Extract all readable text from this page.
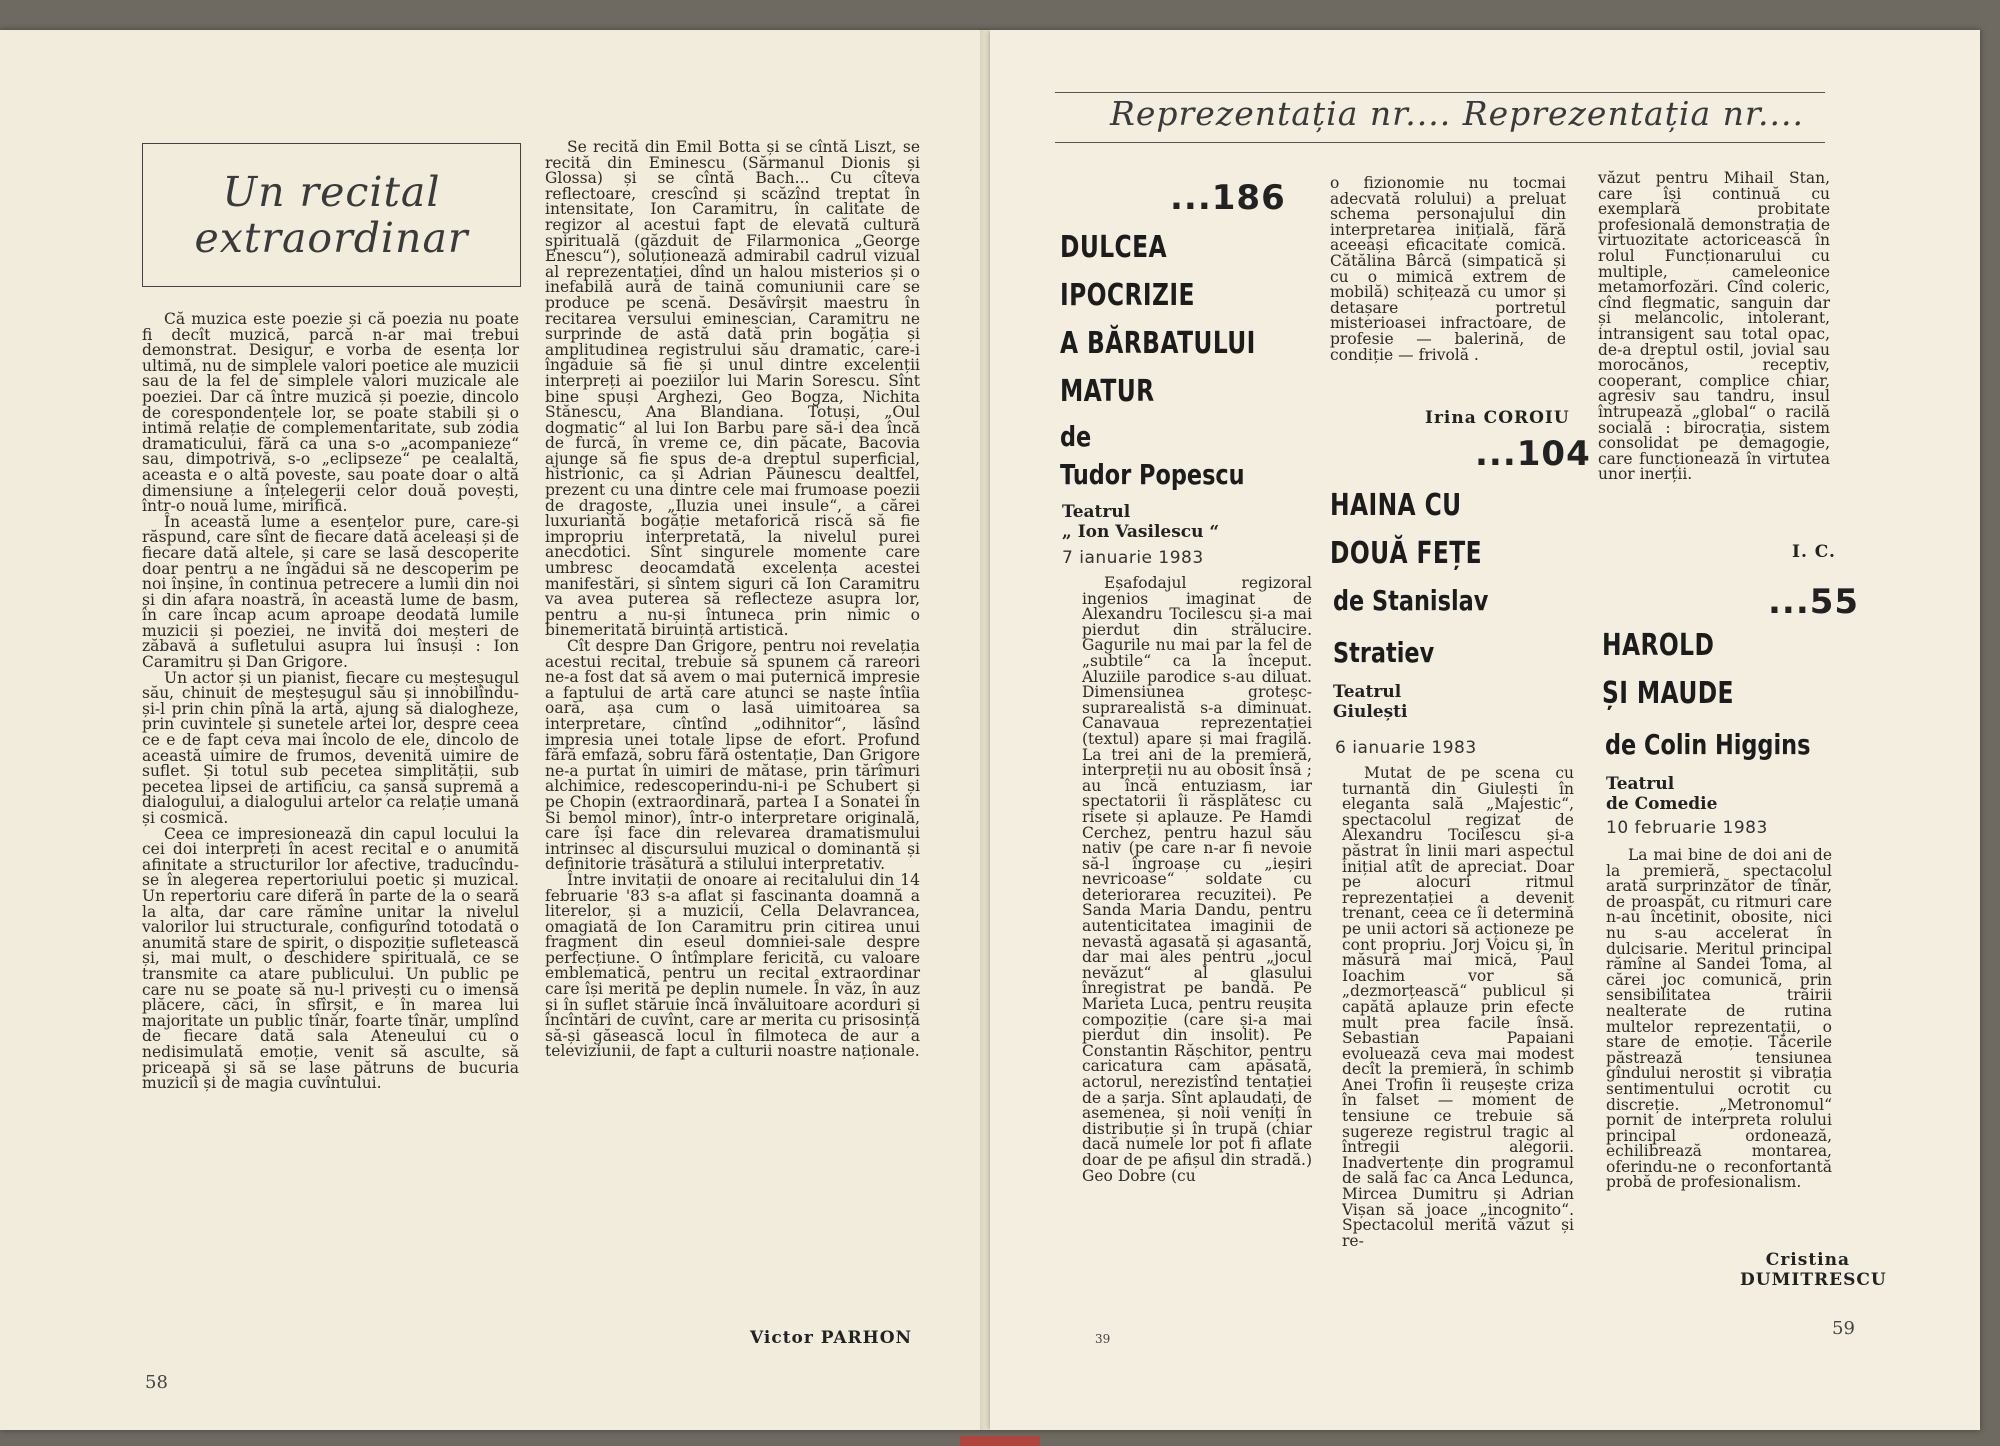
Un recital
extraordinar

Că muzica este poezie și că poezia nu poate fi decît muzică, parcă n-ar mai trebui demonstrat. Desigur, e vorba de esența lor ultimă, nu de simplele valori poetice ale muzicii sau de la fel de simplele valori muzicale ale poeziei. Dar că între muzică și poezie, dincolo de corespondențele lor, se poate stabili și o intimă relație de complementaritate, sub zodia dramaticului, fără ca una s-o „acompanieze“ sau, dimpotrivă, s-o „eclipseze“ pe cealaltă, aceasta e o altă poveste, sau poate doar o altă dimensiune a înțelegerii celor două povești, într-o nouă lume, mirifică.

În această lume a esențelor pure, care-și răspund, care sînt de fiecare dată aceleași și de fiecare dată altele, și care se lasă descoperite doar pentru a ne îngădui să ne descoperim pe noi înșine, în continua petrecere a lumii din noi și din afara noastră, în această lume de basm, în care încap acum aproape deodată lumile muzicii și poeziei, ne invită doi meșteri de zăbavă a sufletului asupra lui însuși : Ion Caramitru și Dan Grigore.

Un actor și un pianist, fiecare cu meșteșugul său, chinuit de meșteșugul său și innobilîndu-și-l prin chin pînă la artă, ajung să dialogheze, prin cuvintele și sunetele artei lor, despre ceea ce e de fapt ceva mai încolo de ele, dincolo de această uimire de frumos, devenită uimire de suflet. Și totul sub pecetea simplității, sub pecetea lipsei de artificiu, ca șansă supremă a dialogului, a dialogului artelor ca relație umană și cosmică.

Ceea ce impresionează din capul locului la cei doi interpreți în acest recital e o anumită afinitate a structurilor lor afective, traducîndu-se în alegerea repertoriului poetic și muzical. Un repertoriu care diferă în parte de la o seară la alta, dar care rămîne unitar la nivelul valorilor lui structurale, configurînd totodată o anumită stare de spirit, o dispoziție sufletească și, mai mult, o deschidere spirituală, ce se transmite ca atare publicului. Un public pe care nu se poate să nu-l privești cu o imensă plăcere, căci, în sfîrșit, e în marea lui majoritate un public tînăr, foarte tînăr, umplînd de fiecare dată sala Ateneului cu o nedisimulată emoție, venit să asculte, să priceapă și să se lase pătruns de bucuria muzicii și de magia cuvîntului.

Se recită din Emil Botta și se cîntă Liszt, se recită din Eminescu (Sărmanul Dionis și Glossa) și se cîntă Bach... Cu cîteva reflectoare, crescînd și scăzînd treptat în intensitate, Ion Caramitru, în calitate de regizor al acestui fapt de elevată cultură spirituală (găzduit de Filarmonica „George Enescu“), soluționează admirabil cadrul vizual al reprezentației, dînd un halou misterios și o inefabilă aură de taină comuniunii care se produce pe scenă. Desăvîrșit maestru în recitarea versului eminescian, Caramitru ne surprinde de astă dată prin bogăția și amplitudinea registrului său dramatic, care-i îngăduie să fie și unul dintre excelenții interpreți ai poeziilor lui Marin Sorescu. Sînt bine spuși Arghezi, Geo Bogza, Nichita Stănescu, Ana Blandiana. Totuși, „Oul dogmatic“ al lui Ion Barbu pare să-i dea încă de furcă, în vreme ce, din păcate, Bacovia ajunge să fie spus de-a dreptul superficial, histrionic, ca și Adrian Păunescu dealtfel, prezent cu una dintre cele mai frumoase poezii de dragoste, „Iluzia unei insule“, a cărei luxuriantă bogăție metaforică riscă să fie impropriu interpretată, la nivelul purei anecdotici. Sînt singurele momente care umbresc deocamdată excelența acestei manifestări, și sîntem siguri că Ion Caramitru va avea puterea să reflecteze asupra lor, pentru a nu-și întuneca prin nimic o binemeritată biruință artistică.

Cît despre Dan Grigore, pentru noi revelația acestui recital, trebuie să spunem că rareori ne-a fost dat să avem o mai puternică impresie a faptului de artă care atunci se naște întîia oară, așa cum o lasă uimitoarea sa interpretare, cîntînd „odihnitor“, lăsînd impresia unei totale lipse de efort. Profund fără emfază, sobru fără ostentație, Dan Grigore ne-a purtat în uimiri de mătase, prin tărîmuri alchimice, redescoperindu-ni-i pe Schubert și pe Chopin (extraordinară, partea I a Sonatei în Si bemol minor), într-o interpretare originală, care își face din relevarea dramatismului intrinsec al discursului muzical o dominantă și definitorie trăsătură a stilului interpretativ.

Între invitații de onoare ai recitalului din 14 februarie '83 s-a aflat și fascinanta doamnă a literelor, și a muzicii, Cella Delavrancea, omagiată de Ion Caramitru prin citirea unui fragment din eseul domniei-sale despre perfecțiune. O întîmplare fericită, cu valoare emblematică, pentru un recital extraordinar care își merită pe deplin numele. În văz, în auz și în suflet stăruie încă învăluitoare acorduri și încîntări de cuvînt, care ar merita cu prisosință să-și găsească locul în filmoteca de aur a televiziunii, de fapt a culturii noastre naționale.

Victor PARHON
58
Reprezentația nr.... Reprezentația nr....
...186
DULCEA
IPOCRIZIE
A BĂRBATULUI
MATUR
de
Tudor Popescu
Teatrul
„ Ion Vasilescu “
7 ianuarie 1983

Eșafodajul regizoral ingenios imaginat de Alexandru Tocilescu și-a mai pierdut din strălucire. Gagurile nu mai par la fel de „subtile“ ca la început. Aluziile parodice s-au diluat. Dimensiunea groteșc-suprarealistă s-a diminuat. Canavaua reprezentației (textul) apare și mai fragilă. La trei ani de la premieră, interpreții nu au obosit însă ; au încă entuziasm, iar spectatorii îi răsplătesc cu risete și aplauze. Pe Hamdi Cerchez, pentru hazul său nativ (pe care n-ar fi nevoie să-l îngroașe cu „ieșiri nevricoase“ soldate cu deteriorarea recuzitei). Pe Sanda Maria Dandu, pentru autenticitatea imaginii de nevastă agasată și agasantă, dar mai ales pentru „jocul nevăzut“ al glasului înregistrat pe bandă. Pe Marieta Luca, pentru reușita compoziție (care și-a mai pierdut din insolit). Pe Constantin Rășchitor, pentru caricatura cam apăsată, actorul, nerezistînd tentației de a șarja. Sînt aplaudați, de asemenea, și noii veniți în distribuție și în trupă (chiar dacă numele lor pot fi aflate doar de pe afișul din stradă.) Geo Dobre (cu

o fizionomie nu tocmai adecvată rolului) a preluat schema personajului din interpretarea inițială, fără aceeași eficacitate comică. Cătălina Bârcă (simpatică și cu o mimică extrem de mobilă) schițează cu umor și detașare portretul misterioasei infractoare, de profesie — balerină, de condiție — frivolă .

Irina COROIU
...104
HAINA CU
DOUĂ FEȚE
de Stanislav
Stratiev
Teatrul
Giulești
6 ianuarie 1983

Mutat de pe scena cu turnantă din Giulești în eleganta sală „Majestic“, spectacolul regizat de Alexandru Tocilescu și-a păstrat în linii mari aspectul inițial atît de apreciat. Doar pe alocuri ritmul reprezentației a devenit trenant, ceea ce îi determină pe unii actori să acționeze pe cont propriu. Jorj Voicu și, în măsură mai mică, Paul Ioachim vor să „dezmorțească“ publicul și capătă aplauze prin efecte mult prea facile însă. Sebastian Papaiani evoluează ceva mai modest decît la premieră, în schimb Anei Trofin îi reușește criza în falset — moment de tensiune ce trebuie să sugereze registrul tragic al întregii alegorii. Inadvertențe din programul de sală fac ca Anca Ledunca, Mircea Dumitru și Adrian Vișan să joace „incognito“. Spectacolul merită văzut și re-

văzut pentru Mihail Stan, care își continuă cu exemplară probitate profesională demonstrația de virtuozitate actoricească în rolul Funcționarului cu multiple, cameleonice metamorfozări. Cînd coleric, cînd flegmatic, sanguin dar și melancolic, intolerant, intransigent sau total opac, de-a dreptul ostil, jovial sau morocănos, receptiv, cooperant, complice chiar, agresiv sau tandru, insul întrupează „global“ o racilă socială : birocrația, sistem consolidat pe demagogie, care funcționează în virtutea unor inerții.

I. C.
...55
HAROLD
ȘI MAUDE
de Colin Higgins
Teatrul
de Comedie
10 februarie 1983

La mai bine de doi ani de la premieră, spectacolul arată surprinzător de tînăr, de proaspăt, cu ritmuri care n-au încetinit, obosite, nici nu s-au accelerat în dulcisarie. Meritul principal rămîne al Sandei Toma, al cărei joc comunică, prin sensibilitatea trăirii nealterate de rutina multelor reprezentații, o stare de emoție. Tăcerile păstrează tensiunea gîndului nerostit și vibrația sentimentului ocrotit cu discreție. „Metronomul“ pornit de interpreta rolului principal ordonează, echilibrează montarea, oferindu-ne o reconfortantă probă de profesionalism.

Cristina
DUMITRESCU
39	59
